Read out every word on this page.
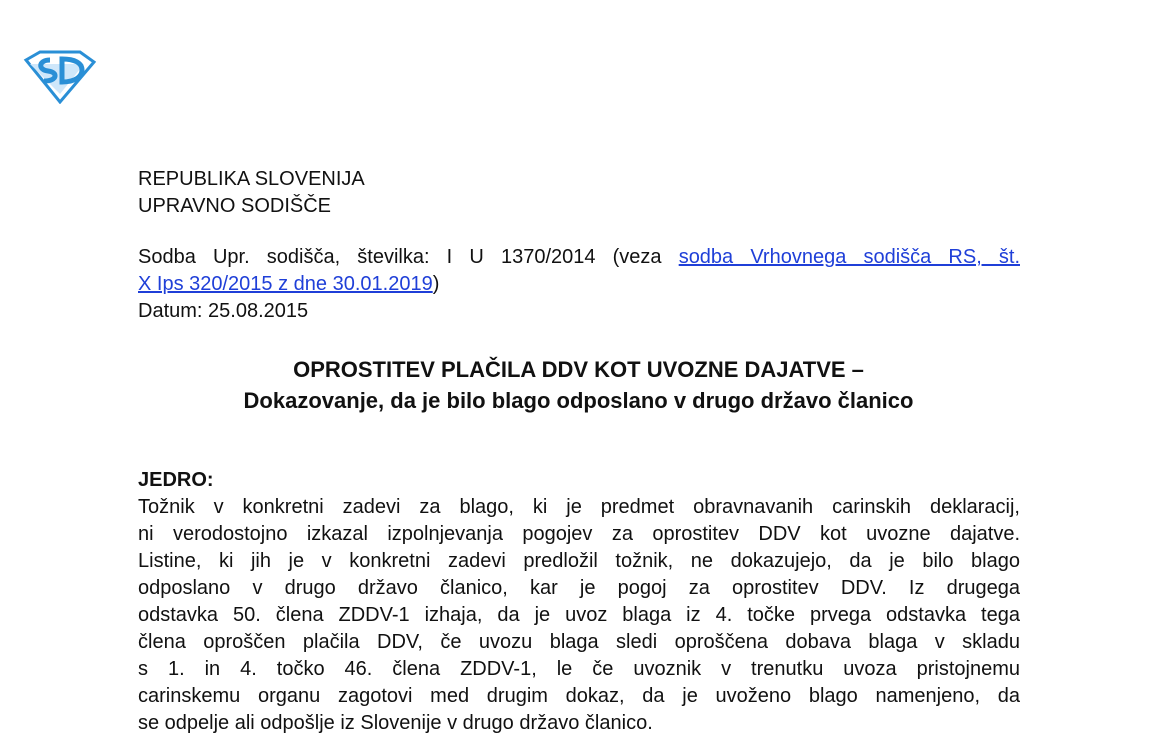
REPUBLIKA SLOVENIJA
UPRAVNO SODIŠČE
Sodba Upr. sodišča, številka: I U 1370/2014 (veza sodba Vrhovnega sodišča RS, št.
X Ips 320/2015 z dne 30.01.2019)
Datum: 25.08.2015
OPROSTITEV PLAČILA DDV KOT UVOZNE DAJATVE –
Dokazovanje, da je bilo blago odposlano v drugo državo članico
JEDRO:
Tožnik v konkretni zadevi za blago, ki je predmet obravnavanih carinskih deklaracij,
ni verodostojno izkazal izpolnjevanja pogojev za oprostitev DDV kot uvozne dajatve.
Listine, ki jih je v konkretni zadevi predložil tožnik, ne dokazujejo, da je bilo blago
odposlano v drugo državo članico, kar je pogoj za oprostitev DDV. Iz drugega
odstavka 50. člena ZDDV-1 izhaja, da je uvoz blaga iz 4. točke prvega odstavka tega
člena oproščen plačila DDV, če uvozu blaga sledi oproščena dobava blaga v skladu
s 1. in 4. točko 46. člena ZDDV-1, le če uvoznik v trenutku uvoza pristojnemu
carinskemu organu zagotovi med drugim dokaz, da je uvoženo blago namenjeno, da
se odpelje ali odpošlje iz Slovenije v drugo državo članico.
